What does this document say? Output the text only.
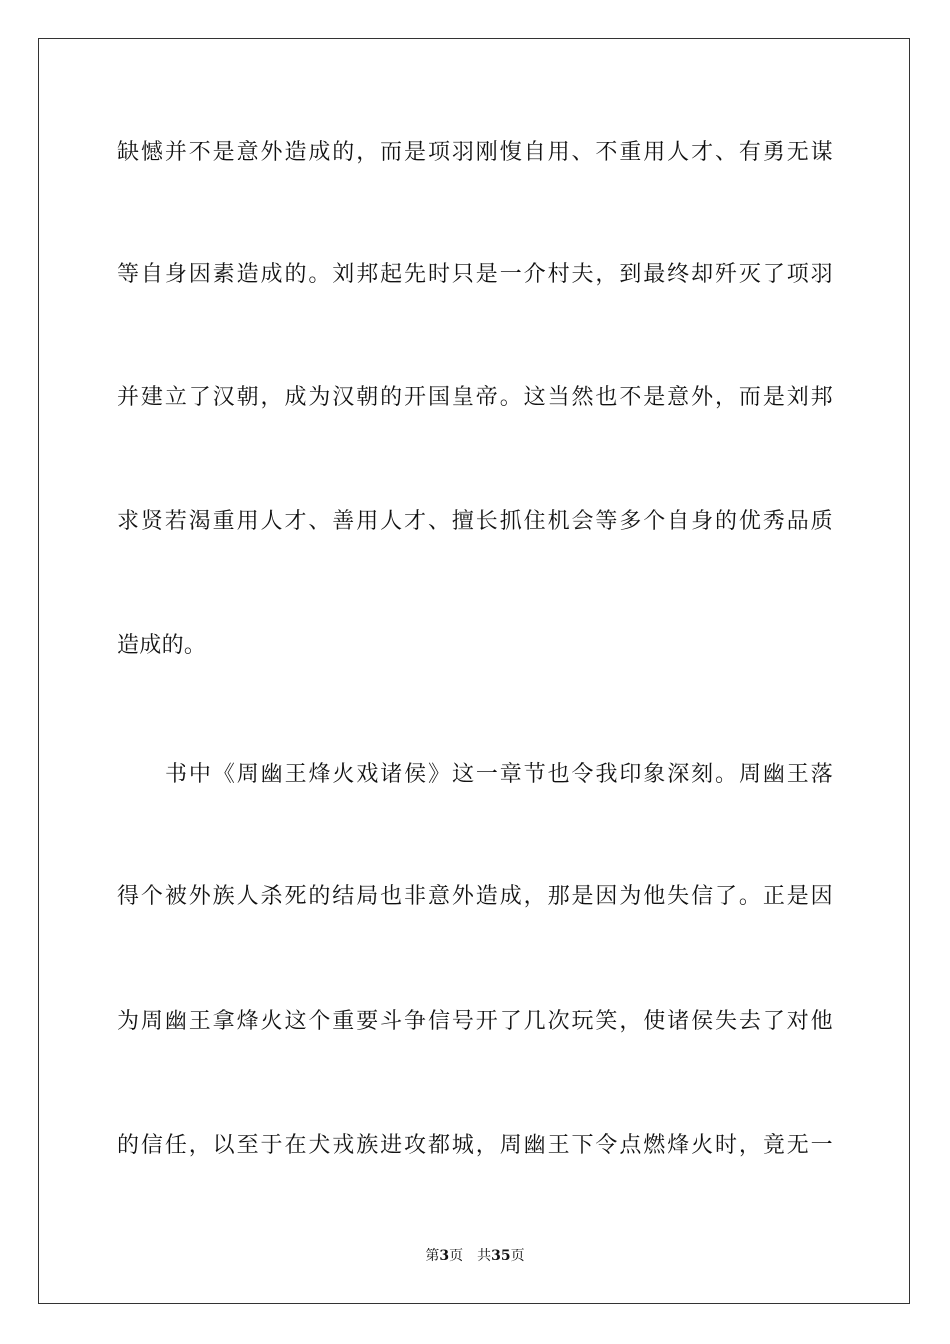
缺憾并不是意外造成的，而是项羽刚愎自用、不重用人才、有勇无谋
等自身因素造成的。刘邦起先时只是一介村夫，到最终却歼灭了项羽
并建立了汉朝，成为汉朝的开国皇帝。这当然也不是意外，而是刘邦
求贤若渴重用人才、善用人才、擅长抓住机会等多个自身的优秀品质
造成的。
书中《周幽王烽火戏诸侯》这一章节也令我印象深刻。周幽王落
得个被外族人杀死的结局也非意外造成，那是因为他失信了。正是因
为周幽王拿烽火这个重要斗争信号开了几次玩笑，使诸侯失去了对他
的信任，以至于在犬戎族进攻都城，周幽王下令点燃烽火时，竟无一
第3页 共35页
